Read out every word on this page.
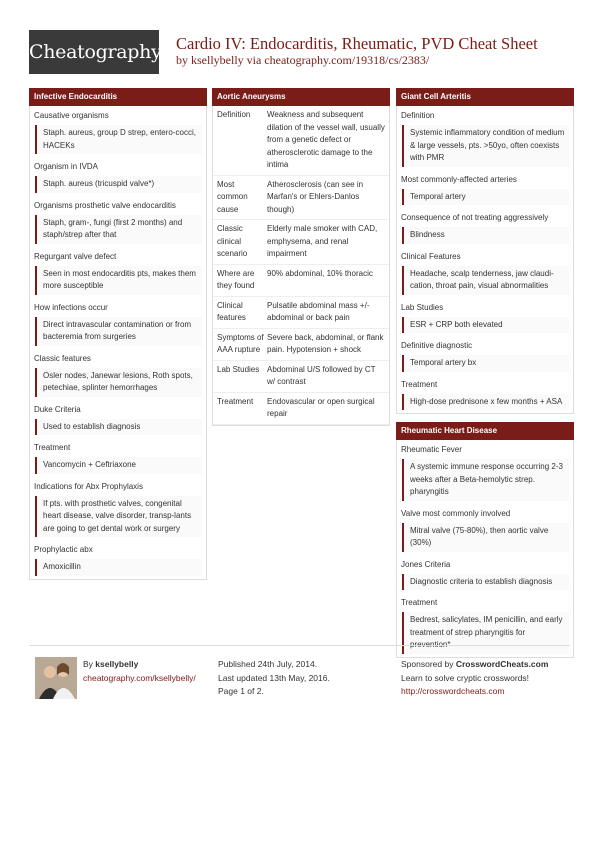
Cheatography Cardio IV: Endocarditis, Rheumatic, PVD Cheat Sheet
by ksellybelly via cheatography.com/19318/cs/2383/
Infective Endocarditis
Causative organisms
Staph. aureus, group D strep, entero-cocci, HACEKs
Organism in IVDA
Staph. aureus (tricuspid valve*)
Organisms prosthetic valve endocarditis
Staph, gram-, fungi (first 2 months) and staph/strep after that
Regurgant valve defect
Seen in most endocarditis pts, makes them more susceptible
How infections occur
Direct intravascular contamination or from bacteremia from surgeries
Classic features
Osler nodes, Janewar lesions, Roth spots, petechiae, splinter hemorrhages
Duke Criteria
Used to establish diagnosis
Treatment
Vancomycin + Ceftriaxone
Indications for Abx Prophylaxis
If pts. with prosthetic valves, congenital heart disease, valve disorder, transp-lants are going to get dental work or surgery
Prophylactic abx
Amoxicillin
Aortic Aneurysms
Definition	Weakness and subsequent dilation of the vessel wall, usually from a genetic defect or atherosclerotic damage to the intima
Most common cause
Atherosclerosis (can see in Marfan's or Ehlers-Danlos though)
Classic clinical scenario
Elderly male smoker with CAD, emphysema, and renal impairment
Where are they found
90% abdominal, 10% thoracic
Clinical features
Pulsatile abdominal mass +/- abdominal or back pain
Symptoms of AAA rupture
Severe back, abdominal, or flank pain. Hypotension + shock
Lab Studies Abdominal U/S followed by CT w/ contrast
Treatment	Endovascular or open surgical repair
Giant Cell Arteritis
Definition
Systemic inflammatory condition of medium & large vessels, pts. >50yo, often coexists with PMR
Most commonly-affected arteries
Temporal artery
Consequence of not treating aggressively
Blindness
Clinical Features
Headache, scalp tenderness, jaw claudi-cation, throat pain, visual abnormalities
Lab Studies
ESR + CRP both elevated
Definitive diagnostic
Temporal artery bx
Treatment
High-dose prednisone x few months + ASA
Rheumatic Heart Disease
Rheumatic Fever
A systemic immune response occurring 2-3 weeks after a Beta-hemolytic strep. pharyngitis
Valve most commonly involved
Mitral valve (75-80%), then aortic valve (30%)
Jones Criteria
Diagnostic criteria to establish diagnosis
Treatment
Bedrest, salicylates, IM penicillin, and early treatment of strep pharyngitis for prevention*
By ksellybelly
cheatography.com/ksellybelly/
Published 24th July, 2014.
Last updated 13th May, 2016.
Page 1 of 2.
Sponsored by CrosswordCheats.com
Learn to solve cryptic crosswords!
http://crosswordcheats.com
